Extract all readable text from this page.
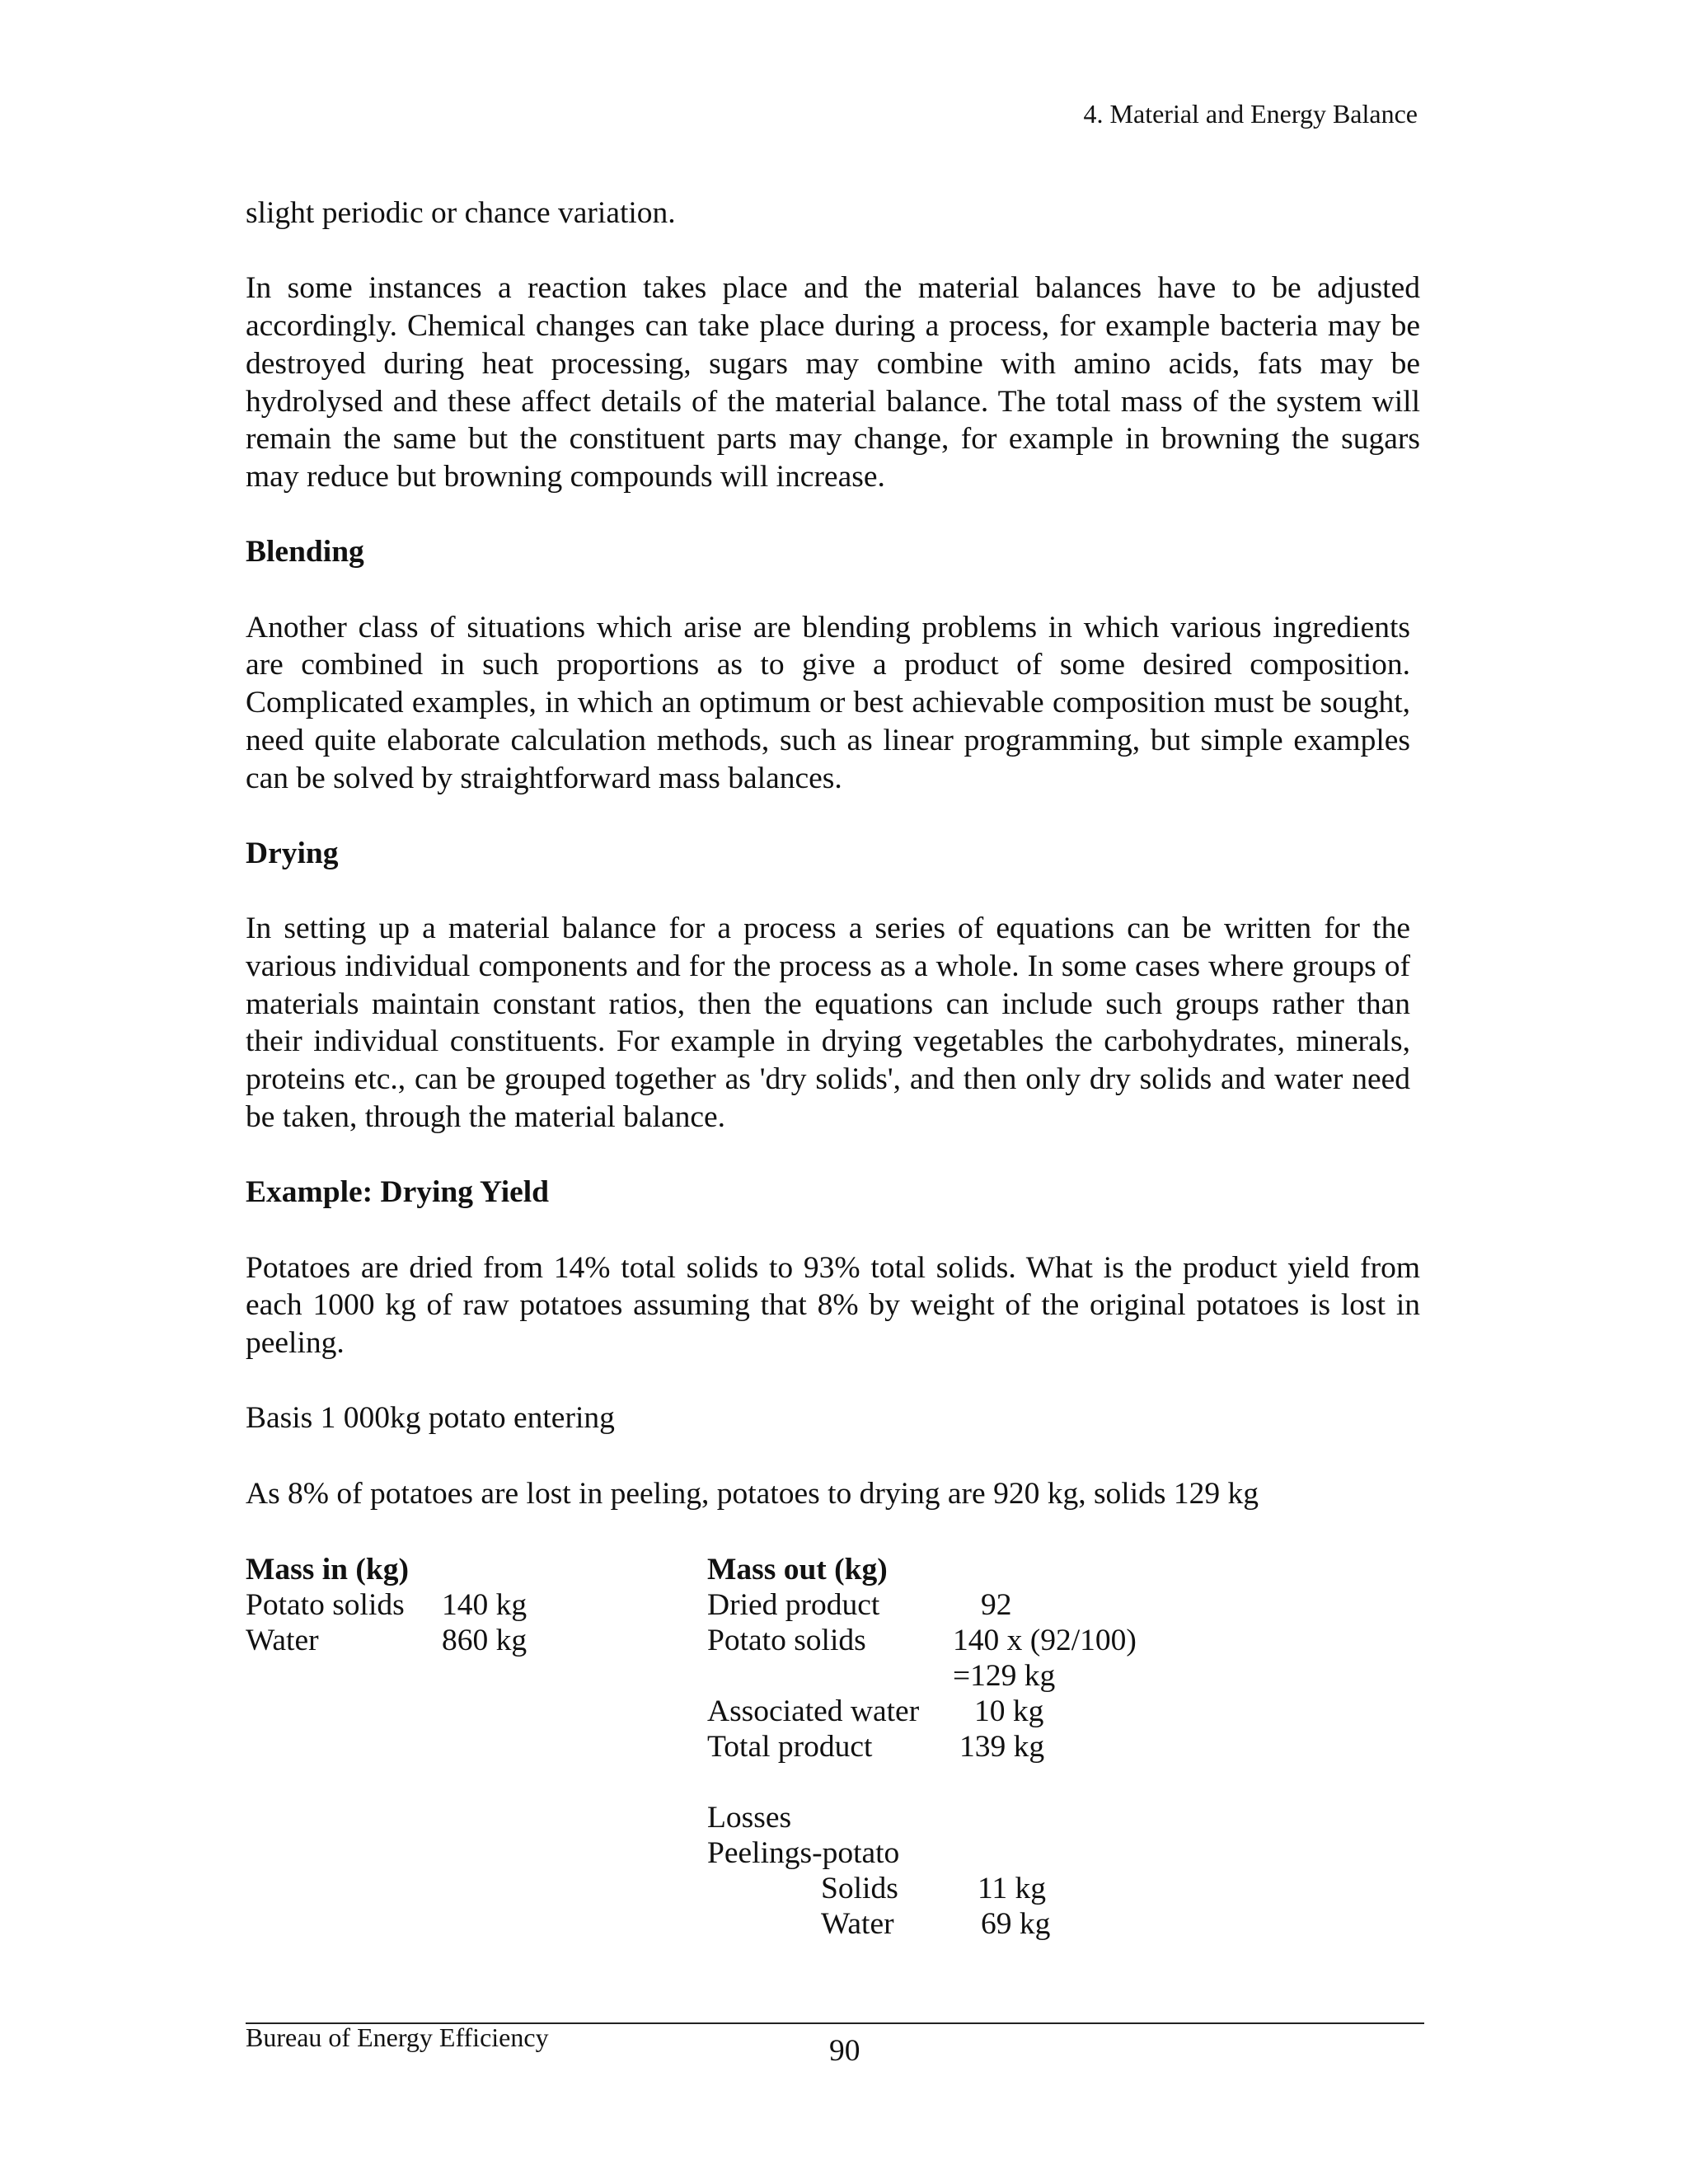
4. Material and Energy Balance

slight periodic or chance variation.

In some instances a reaction takes place and the material balances have to be adjusted accordingly. Chemical changes can take place during a process, for example bacteria may be destroyed during heat processing, sugars may combine with amino acids, fats may be hydrolysed and these affect details of the material balance. The total mass of the system will remain the same but the constituent parts may change, for example in browning the sugars may reduce but browning compounds will increase.

Blending

Another class of situations which arise are blending problems in which various ingredients are combined in such proportions as to give a product of some desired composition. Complicated examples, in which an optimum or best achievable composition must be sought, need quite elaborate calculation methods, such as linear programming, but simple examples can be solved by straightforward mass balances.

Drying

In setting up a material balance for a process a series of equations can be written for the various individual components and for the process as a whole. In some cases where groups of materials maintain constant ratios, then the equations can include such groups rather than their individual constituents. For example in drying vegetables the carbohydrates, minerals, proteins etc., can be grouped together as 'dry solids', and then only dry solids and water need be taken, through the material balance.

Example: Drying Yield

Potatoes are dried from 14% total solids to 93% total solids. What is the product yield from each 1000 kg of raw potatoes assuming that 8% by weight of the original potatoes is lost in peeling.

Basis 1 000kg potato entering

As 8% of potatoes are lost in peeling, potatoes to drying are 920 kg, solids 129 kg

Mass in (kg)
Potato solids 140 kg
Water	860 kg
Mass out (kg)
Dried product	92
Potato solids	140 x (92/100)
=129 kg
Associated water 10 kg
Total product	139 kg
Losses
Peelings-potato
Solids	11 kg
Water	69 kg
Bureau of Energy Efficiency	90
